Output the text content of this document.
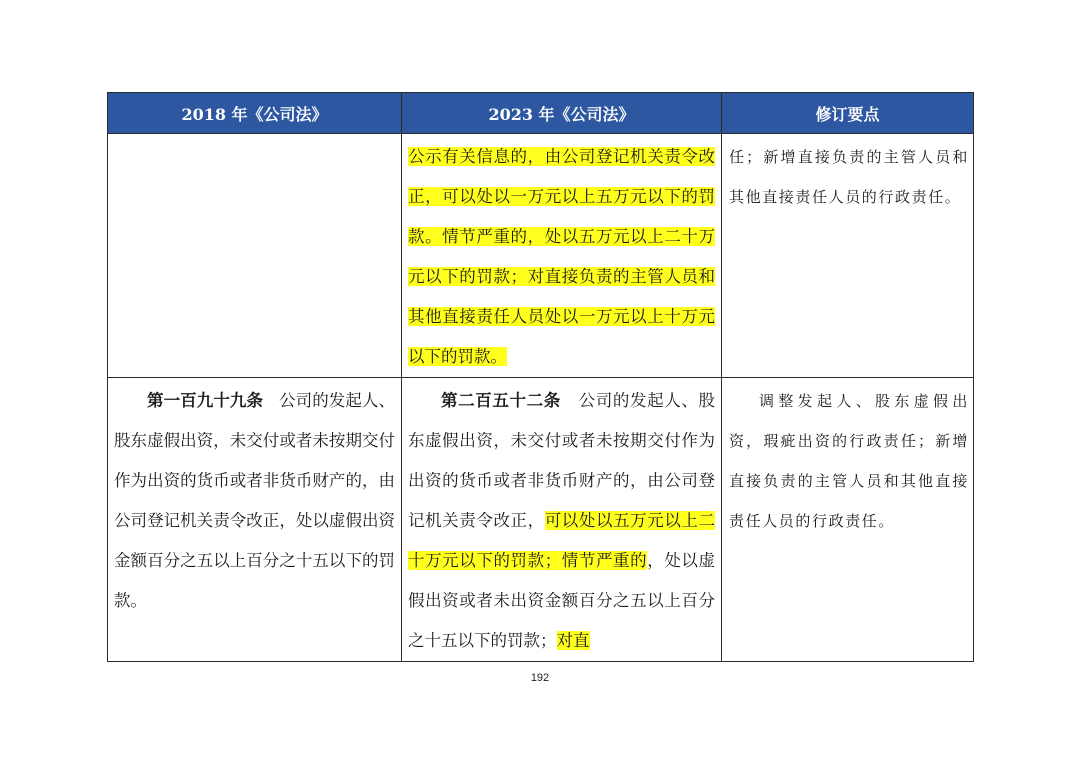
2018 年《公司法》	2023 年《公司法》	修订要点
	公示有关信息的，由公司登记机关责令改正，可以处以一万元以上五万元以下的罚款。情节严重的，处以五万元以上二十万元以下的罚款；对直接负责的主管人员和其他直接责任人员处以一万元以上十万元以下的罚款。	任；新增直接负责的主管人员和其他直接责任人员的行政责任。
第一百九十九条 公司的发起人、股东虚假出资，未交付或者未按期交付作为出资的货币或者非货币财产的，由公司登记机关责令改正，处以虚假出资金额百分之五以上百分之十五以下的罚款。	第二百五十二条 公司的发起人、股东虚假出资，未交付或者未按期交付作为出资的货币或者非货币财产的，由公司登记机关责令改正，可以处以五万元以上二十万元以下的罚款；情节严重的，处以虚假出资或者未出资金额百分之五以上百分之十五以下的罚款；对直	调整发起人、股东虚假出资，瑕疵出资的行政责任；新增直接负责的主管人员和其他直接责任人员的行政责任。
192
